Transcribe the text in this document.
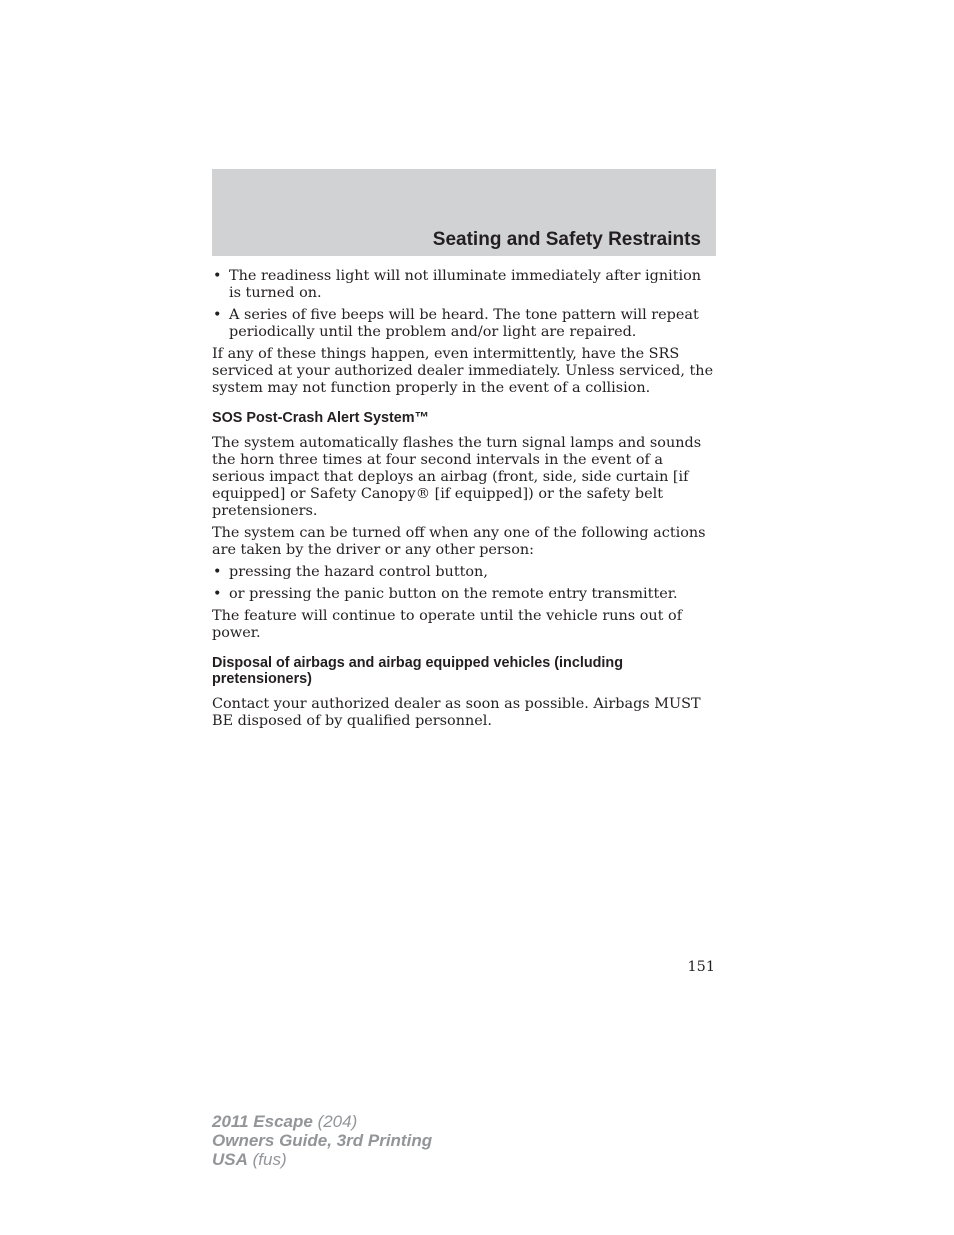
Seating and Safety Restraints
• The readiness light will not illuminate immediately after ignition is turned on.
• A series of five beeps will be heard. The tone pattern will repeat periodically until the problem and/or light are repaired.

If any of these things happen, even intermittently, have the SRS serviced at your authorized dealer immediately. Unless serviced, the system may not function properly in the event of a collision.

SOS Post-Crash Alert System™

The system automatically flashes the turn signal lamps and sounds the horn three times at four second intervals in the event of a serious impact that deploys an airbag (front, side, side curtain [if equipped] or Safety Canopy® [if equipped]) or the safety belt pretensioners.

The system can be turned off when any one of the following actions are taken by the driver or any other person:

• pressing the hazard control button,
• or pressing the panic button on the remote entry transmitter.

The feature will continue to operate until the vehicle runs out of power.

Disposal of airbags and airbag equipped vehicles (including pretensioners)

Contact your authorized dealer as soon as possible. Airbags MUST BE disposed of by qualified personnel.

151
2011 Escape (204)
Owners Guide, 3rd Printing
USA (fus)
